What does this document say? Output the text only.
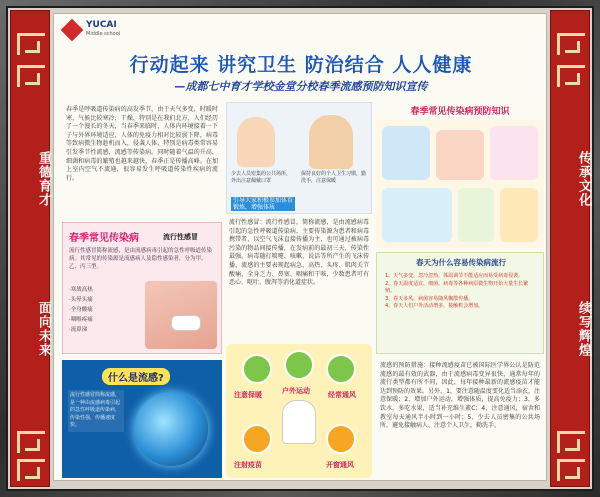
重德育才
面向未来
传承文化
续写辉煌
YUCAI
Middle school
行动起来 讲究卫生 防治结合 人人健康
—成都七中育才学校金堂分校春季流感预防知识宣传
春季是呼吸道传染病的高发季节，由于天气多变，时暖时寒，气候比较寒冷，干燥，特别是在我们北方，人们经历了一个漫长的冬天，当春季来临时，人体内环境接着一下子与外界环境适应，人体的免疫力相对比较弱下降，病毒等致病微生物趁机而入，侵袭人体，特别是病毒类常容易引发季节性流感，流感等传染病。同时随着气温的升高，细菌和病毒的繁殖也越来越快，春季正是传播高峰。在加上室内空气不流通，很容易发生呼吸道传染性疾病的流行。
春季常见传染病	流行性感冒
流行性感冒简称流感，是由流感病毒引起的急性呼吸道传染病。其常见的传染源是流感病人及隐性感染者，分为甲、乙、丙三型。
·寒战高热
·头晕头痛
·全身酸痛
·咽喉疼痛
·流鼻涕
什么是流感?
流行性感冒简称流感，是一种由流感病毒引起的急性呼吸道传染病，传染性强，传播速度快。
少去人员密集的公共场所，外出注意佩戴口罩
保持良好的个人卫生习惯，勤洗手，注意保暖
引导大家积极参加体育锻炼，增强体质
流行性感冒：流行性感冒，简称流感，是由流感病毒引起的急性呼吸道传染病，主要传染源为患者和病毒携带者，以空气飞沫直接传播为主，也可通过被病毒污染的物品间接传播，在发病前的最初三天，传染性最强。病毒随打喷嚏、咳嗽、说话等所产生的飞沫传播，流感的主要表现起病急、高热、头疼、肌肉关节酸痛、全身乏力、鼻塞、咽痛和干咳，少数患者可有恶心、呕吐、腹泻等消化道症状。
注意保暖	户外运动	经常通风
注射疫苗	开窗通风
春季常见传染病预防知识
春天为什么容易传染病流行
1、天气多变，忽冷忽热，体温调节不能适应而易受病毒侵袭。
2、春天温度适宜，细菌、病毒等各种病原微生物开始大量生长繁殖。
3、春天多风，病菌容易随风飘散传播。
4、春天人们户外活动增多，接触机会增加。
流感的预防措施：接种流感疫苗已被国际医学界公认是防范流感的最有效的武器，由于流感病毒变异很快，通常每年的流行类型都有所不同，因此，每年接种最新的流感疫苗才能达到预防的效果。另外，1、要注意随温度变化适当添衣，注意保暖；2、增加户外运动，增强体质，提高免疫力；3、多饮水，多吃水果，适当补充维生素C；4、注意通风，宿舍和教室每天通风半小时到一小时；5、少去人员密集的公共场所，避免接触病人，注意个人卫生，勤洗手。
